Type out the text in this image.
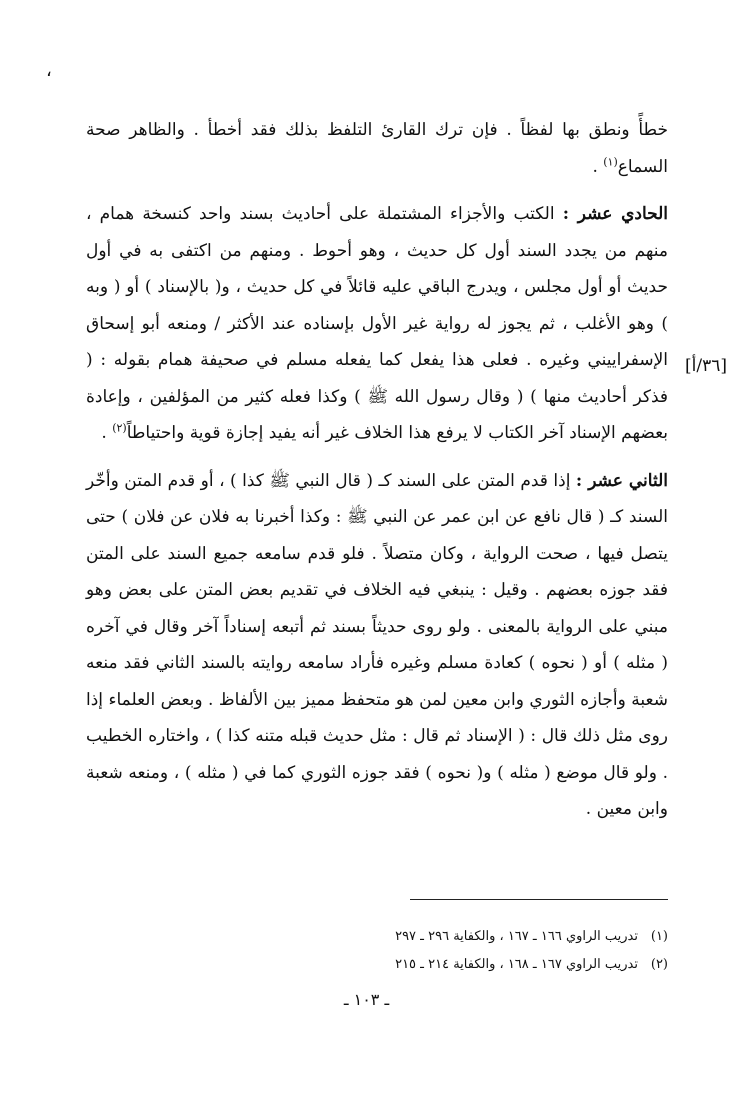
،

خطأً ونطق بها لفظاً . فإن ترك القارئ التلفظ بذلك فقد أخطأ . والظاهر صحة السماع$^{(١)}$ .

الحادي عشر : الكتب والأجزاء المشتملة على أحاديث بسند واحد كنسخة همام ، منهم من يجدد السند أول كل حديث ، وهو أحوط . ومنهم من اكتفى به في أول حديث أو أول مجلس ، ويدرج الباقي عليه قائلاً في كل حديث ، و( بالإسناد ) أو ( وبه ) وهو الأغلب ، ثم يجوز له رواية غير الأول بإسناده عند الأكثر / ومنعه أبو إسحاق الإسفراييني وغيره . فعلى هذا يفعل كما يفعله مسلم في صحيفة همام بقوله : ( فذكر أحاديث منها ) ( وقال رسول الله ﷺ ) وكذا فعله كثير من المؤلفين ، وإعادة بعضهم الإسناد آخر الكتاب لا يرفع هذا الخلاف غير أنه يفيد إجازة قوية واحتياطاً$^{(٢)}$ .

الثاني عشر : إذا قدم المتن على السند كـ ( قال النبي ﷺ كذا ) ، أو قدم المتن وأخّر السند كـ ( قال نافع عن ابن عمر عن النبي ﷺ : وكذا أخبرنا به فلان عن فلان ) حتى يتصل فيها ، صحت الرواية ، وكان متصلاً . فلو قدم سامعه جميع السند على المتن فقد جوزه بعضهم . وقيل : ينبغي فيه الخلاف في تقديم بعض المتن على بعض وهو مبني على الرواية بالمعنى . ولو روى حديثاً بسند ثم أتبعه إسناداً آخر وقال في آخره ( مثله ) أو ( نحوه ) كعادة مسلم وغيره فأراد سامعه روايته بالسند الثاني فقد منعه شعبة وأجازه الثوري وابن معين لمن هو متحفظ مميز بين الألفاظ . وبعض العلماء إذا روى مثل ذلك قال : ( الإسناد ثم قال : مثل حديث قبله متنه كذا ) ، واختاره الخطيب . ولو قال موضع ( مثله ) و( نحوه ) فقد جوزه الثوري كما في ( مثله ) ، ومنعه شعبة وابن معين .

[٣٦/أ]
(١)تدريب الراوي ١٦٦ ـ ١٦٧ ، والكفاية ٢٩٦ ـ ٢٩٧
(٢)تدريب الراوي ١٦٧ ـ ١٦٨ ، والكفاية ٢١٤ ـ ٢١٥
ـ ١٠٣ ـ
